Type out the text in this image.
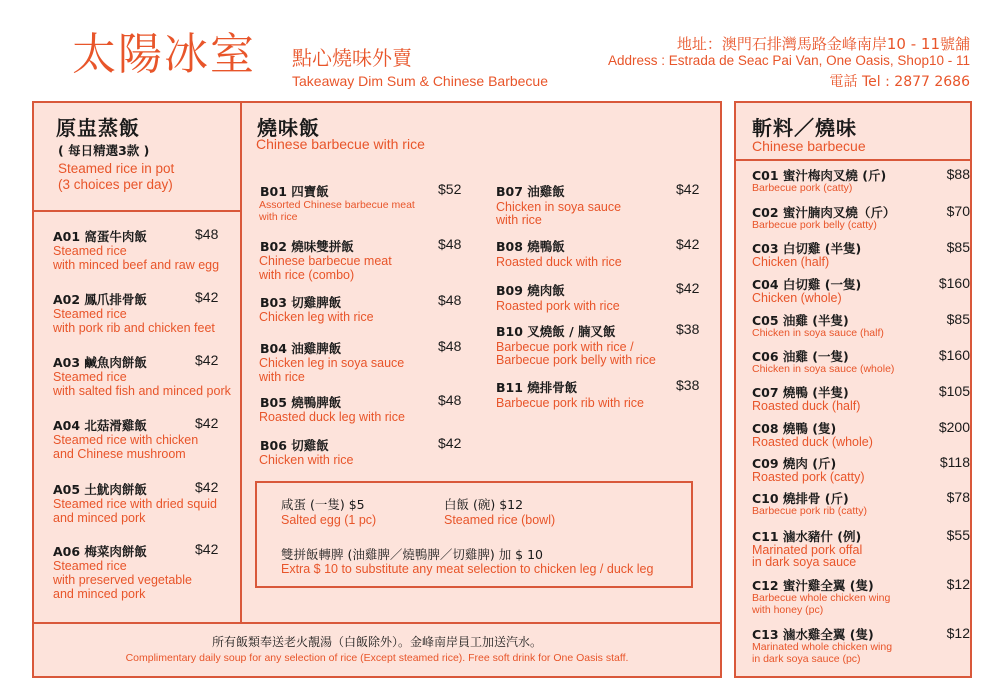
太陽冰室 點心燒味外賣
Takeaway Dim Sum & Chinese Barbecue
地址：澳門石排灣馬路金峰南岸10 - 11號舖
Address : Estrada de Seac Pai Van, One Oasis, Shop10 - 11
電話 Tel : 2877 2686
原盅蒸飯
( 每日精選3款 )
Steamed rice in pot
(3 choices per day)
A01 窩蛋牛肉飯	$48
Steamed rice
with minced beef and raw egg
A02 鳳爪排骨飯	$42
Steamed rice
with pork rib and chicken feet
A03 鹹魚肉餅飯	$42
Steamed rice
with salted fish and minced pork
A04 北菇滑雞飯	$42
Steamed rice with chicken
and Chinese mushroom
A05 土魷肉餅飯	$42
Steamed rice with dried squid
and minced pork
A06 梅菜肉餅飯	$42
Steamed rice
with preserved vegetable
and minced pork
燒味飯
Chinese barbecue with rice
B01 四寶飯	$52
Assorted Chinese barbecue meat
with rice
B02 燒味雙拼飯	$48
Chinese barbecue meat
with rice (combo)
B03 切雞脾飯	$48
Chicken leg with rice
B04 油雞脾飯	$48
Chicken leg in soya sauce
with rice
B05 燒鴨脾飯	$48
Roasted duck leg with rice
B06 切雞飯	$42
Chicken with rice
B07 油雞飯	$42
Chicken in soya sauce
with rice
B08 燒鴨飯	$42
Roasted duck with rice
B09 燒肉飯	$42
Roasted pork with rice
B10 叉燒飯 / 腩叉飯	$38
Barbecue pork with rice /
Barbecue pork belly with rice
B11 燒排骨飯	$38
Barbecue pork rib with rice
咸蛋 (一隻) $5
Salted egg (1 pc)
白飯 (碗) $12
Steamed rice (bowl)
雙拼飯轉脾 (油雞脾／燒鴨脾／切雞脾) 加 $ 10
Extra $ 10 to substitute any meat selection to chicken leg / duck leg
所有飯類奉送老火靚湯（白飯除外）。金峰南岸員工加送汽水。
Complimentary daily soup for any selection of rice (Except steamed rice). Free soft drink for One Oasis staff.
斬料／燒味
Chinese barbecue
C01 蜜汁梅肉叉燒 (斤)	$88
Barbecue pork (catty)
C02 蜜汁腩肉叉燒（斤）	$70
Barbecue pork belly (catty)
C03 白切雞 (半隻)	$85
Chicken (half)
C04 白切雞 (一隻)	$160
Chicken (whole)
C05 油雞 (半隻)	$85
Chicken in soya sauce (half)
C06 油雞 (一隻)	$160
Chicken in soya sauce (whole)
C07 燒鴨 (半隻)	$105
Roasted duck (half)
C08 燒鴨 (隻)	$200
Roasted duck (whole)
C09 燒肉 (斤)	$118
Roasted pork (catty)
C10 燒排骨 (斤)	$78
Barbecue pork rib (catty)
C11 滷水豬什 (例)	$55
Marinated pork offal
in dark soya sauce
C12 蜜汁雞全翼 (隻)	$12
Barbecue whole chicken wing
with honey (pc)
C13 滷水雞全翼 (隻)	$12
Marinated whole chicken wing
in dark soya sauce (pc)
